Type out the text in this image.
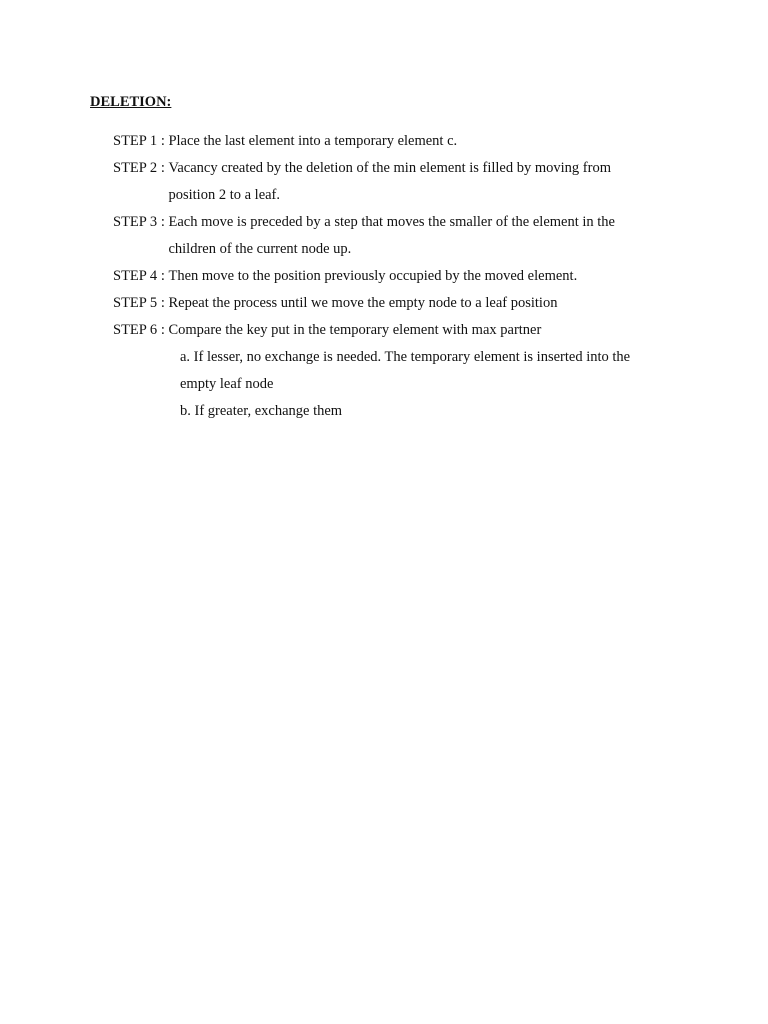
DELETION:
STEP 1 : Place the last element into a temporary element c.
STEP 2 : Vacancy created by the deletion of the min element is filled by moving from
position 2 to a leaf.
STEP 3 : Each move is preceded by a step that moves the smaller of the element in the
children of the current node up.
STEP 4 : Then move to the position previously occupied by the moved element.
STEP 5 : Repeat the process until we move the empty node to a leaf position
STEP 6 : Compare the key put in the temporary element with max partner
a. If lesser, no exchange is needed. The temporary element is inserted into the
empty leaf node
b. If greater, exchange them
